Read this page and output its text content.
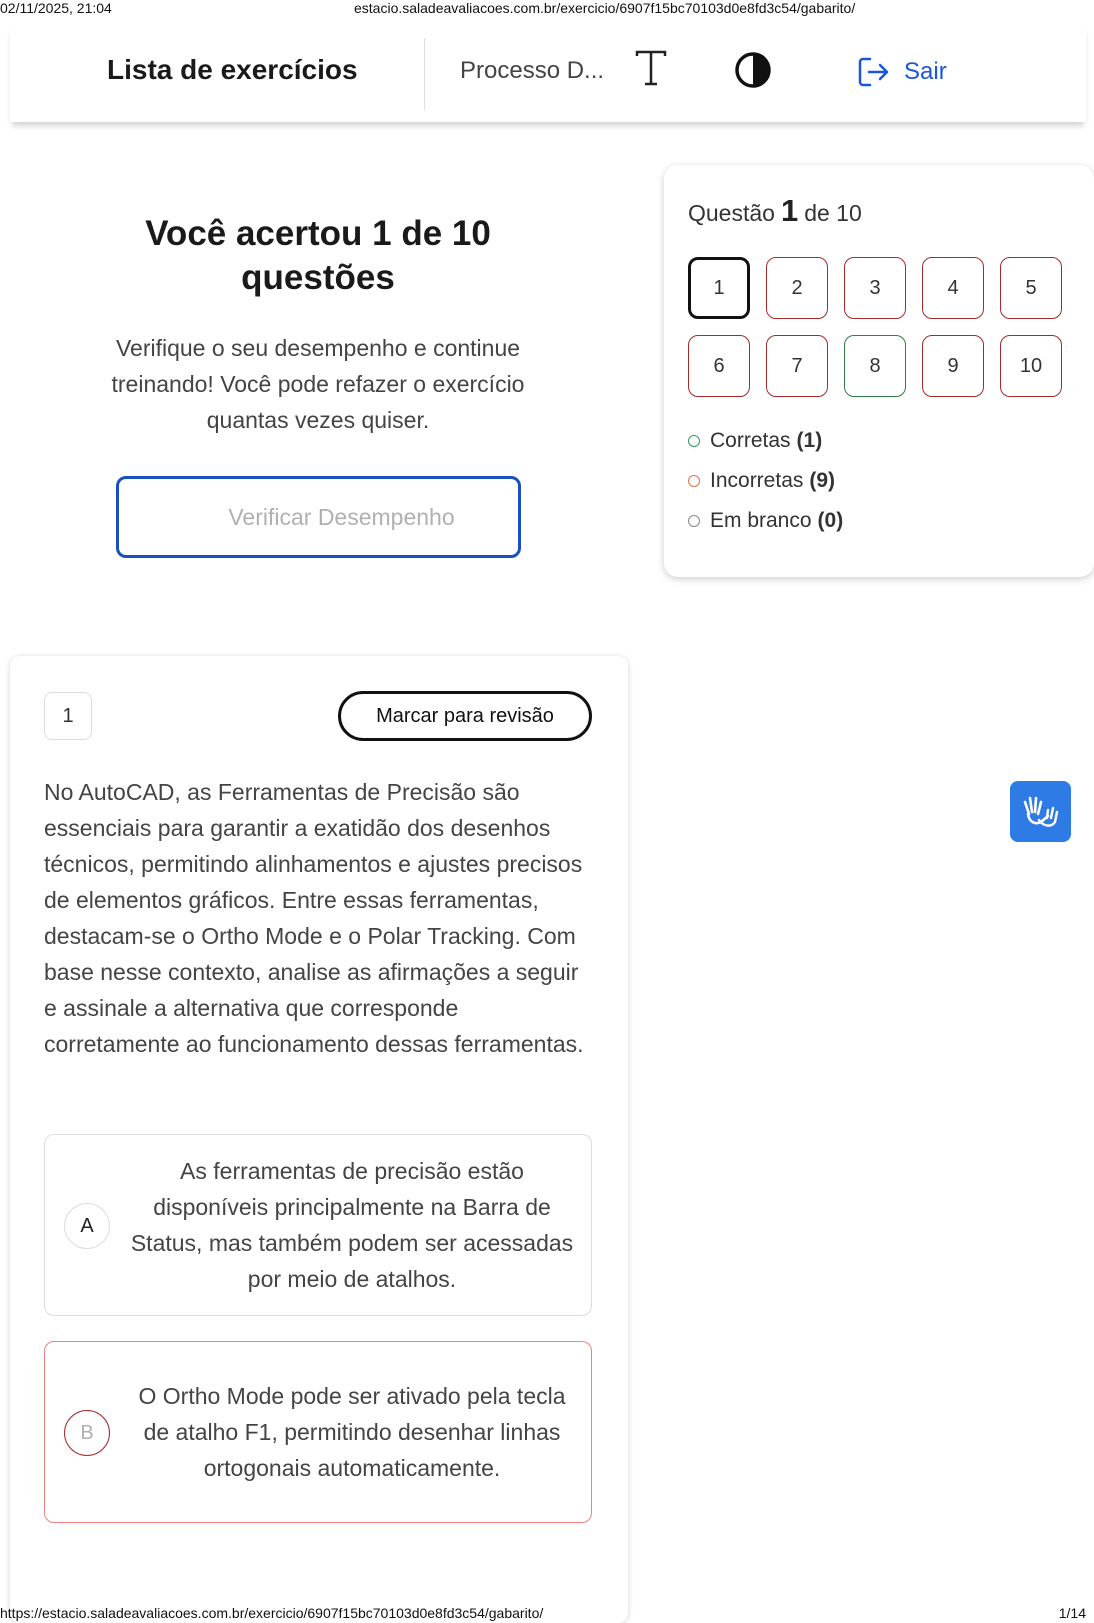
02/11/2025, 21:04	estacio.saladeavaliacoes.com.br/exercicio/6907f15bc70103d0e8fd3c54/gabarito/
Lista de exercícios	Processo D...	Sair
Você acertou 1 de 10 questões
Verifique o seu desempenho e continue treinando! Você pode refazer o exercício quantas vezes quiser.
Verificar Desempenho
Questão 1 de 10
1	2	3	4	5
6	7	8	9	10
Corretas (1)
Incorretas (9)
Em branco (0)
1	Marcar para revisão
No AutoCAD, as Ferramentas de Precisão são essenciais para garantir a exatidão dos desenhos técnicos, permitindo alinhamentos e ajustes precisos de elementos gráficos. Entre essas ferramentas, destacam-se o Ortho Mode e o Polar Tracking. Com base nesse contexto, analise as afirmações a seguir e assinale a alternativa que corresponde corretamente ao funcionamento dessas ferramentas.
A
As ferramentas de precisão estão disponíveis principalmente na Barra de Status, mas também podem ser acessadas por meio de atalhos.
B
O Ortho Mode pode ser ativado pela tecla de atalho F1, permitindo desenhar linhas ortogonais automaticamente.
https://estacio.saladeavaliacoes.com.br/exercicio/6907f15bc70103d0e8fd3c54/gabarito/	1/14
